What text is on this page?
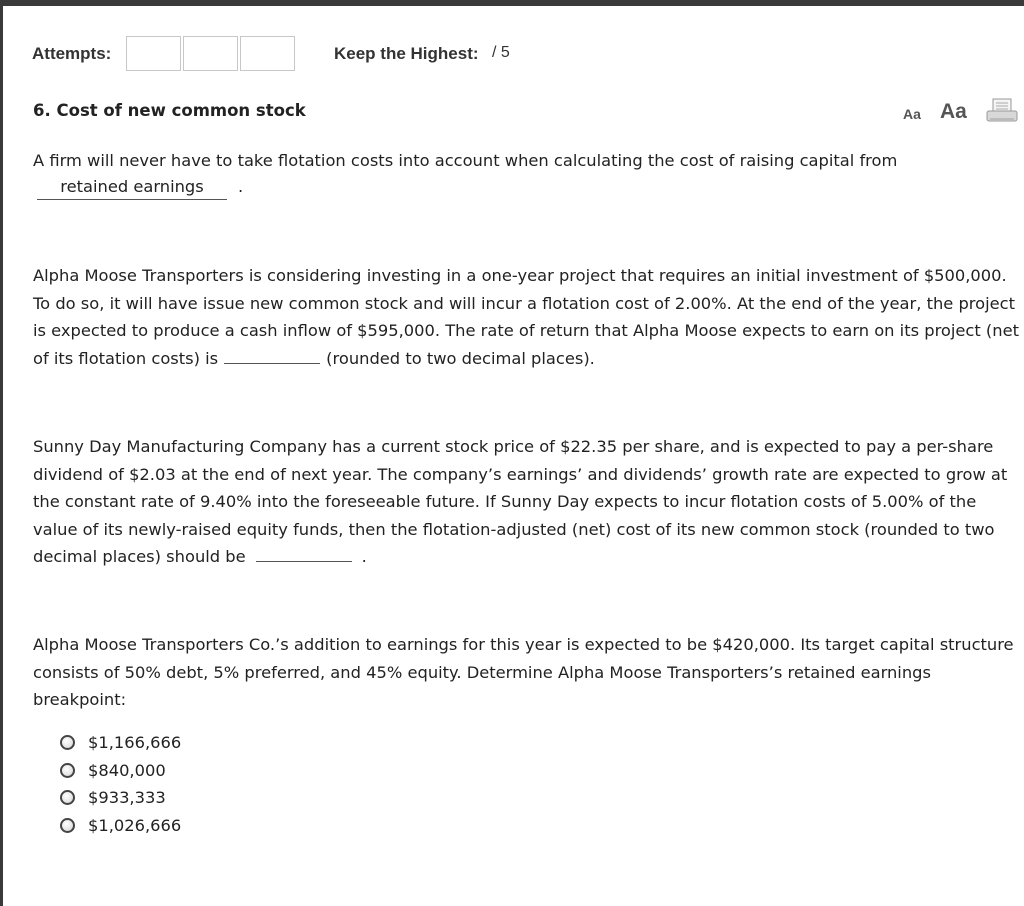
Attempts:	Keep the Highest: / 5
6. Cost of new common stock	Aa Aa
A firm will never have to take flotation costs into account when calculating the cost of raising capital from
retained earnings	.
Alpha Moose Transporters is considering investing in a one-year project that requires an initial investment of $500,000. To do so, it will have issue new common stock and will incur a flotation cost of 2.00%. At the end of the year, the project is expected to produce a cash inflow of $595,000. The rate of return that Alpha Moose expects to earn on its project (net of its flotation costs) is	(rounded to two decimal places).
Sunny Day Manufacturing Company has a current stock price of $22.35 per share, and is expected to pay a per-share dividend of $2.03 at the end of next year. The company’s earnings’ and dividends’ growth rate are expected to grow at the constant rate of 9.40% into the foreseeable future. If Sunny Day expects to incur flotation costs of 5.00% of the value of its newly-raised equity funds, then the flotation-adjusted (net) cost of its new common stock (rounded to two decimal places) should be	.
Alpha Moose Transporters Co.’s addition to earnings for this year is expected to be $420,000. Its target capital structure consists of 50% debt, 5% preferred, and 45% equity. Determine Alpha Moose Transporters’s retained earnings breakpoint:
$1,166,666
$840,000
$933,333
$1,026,666
